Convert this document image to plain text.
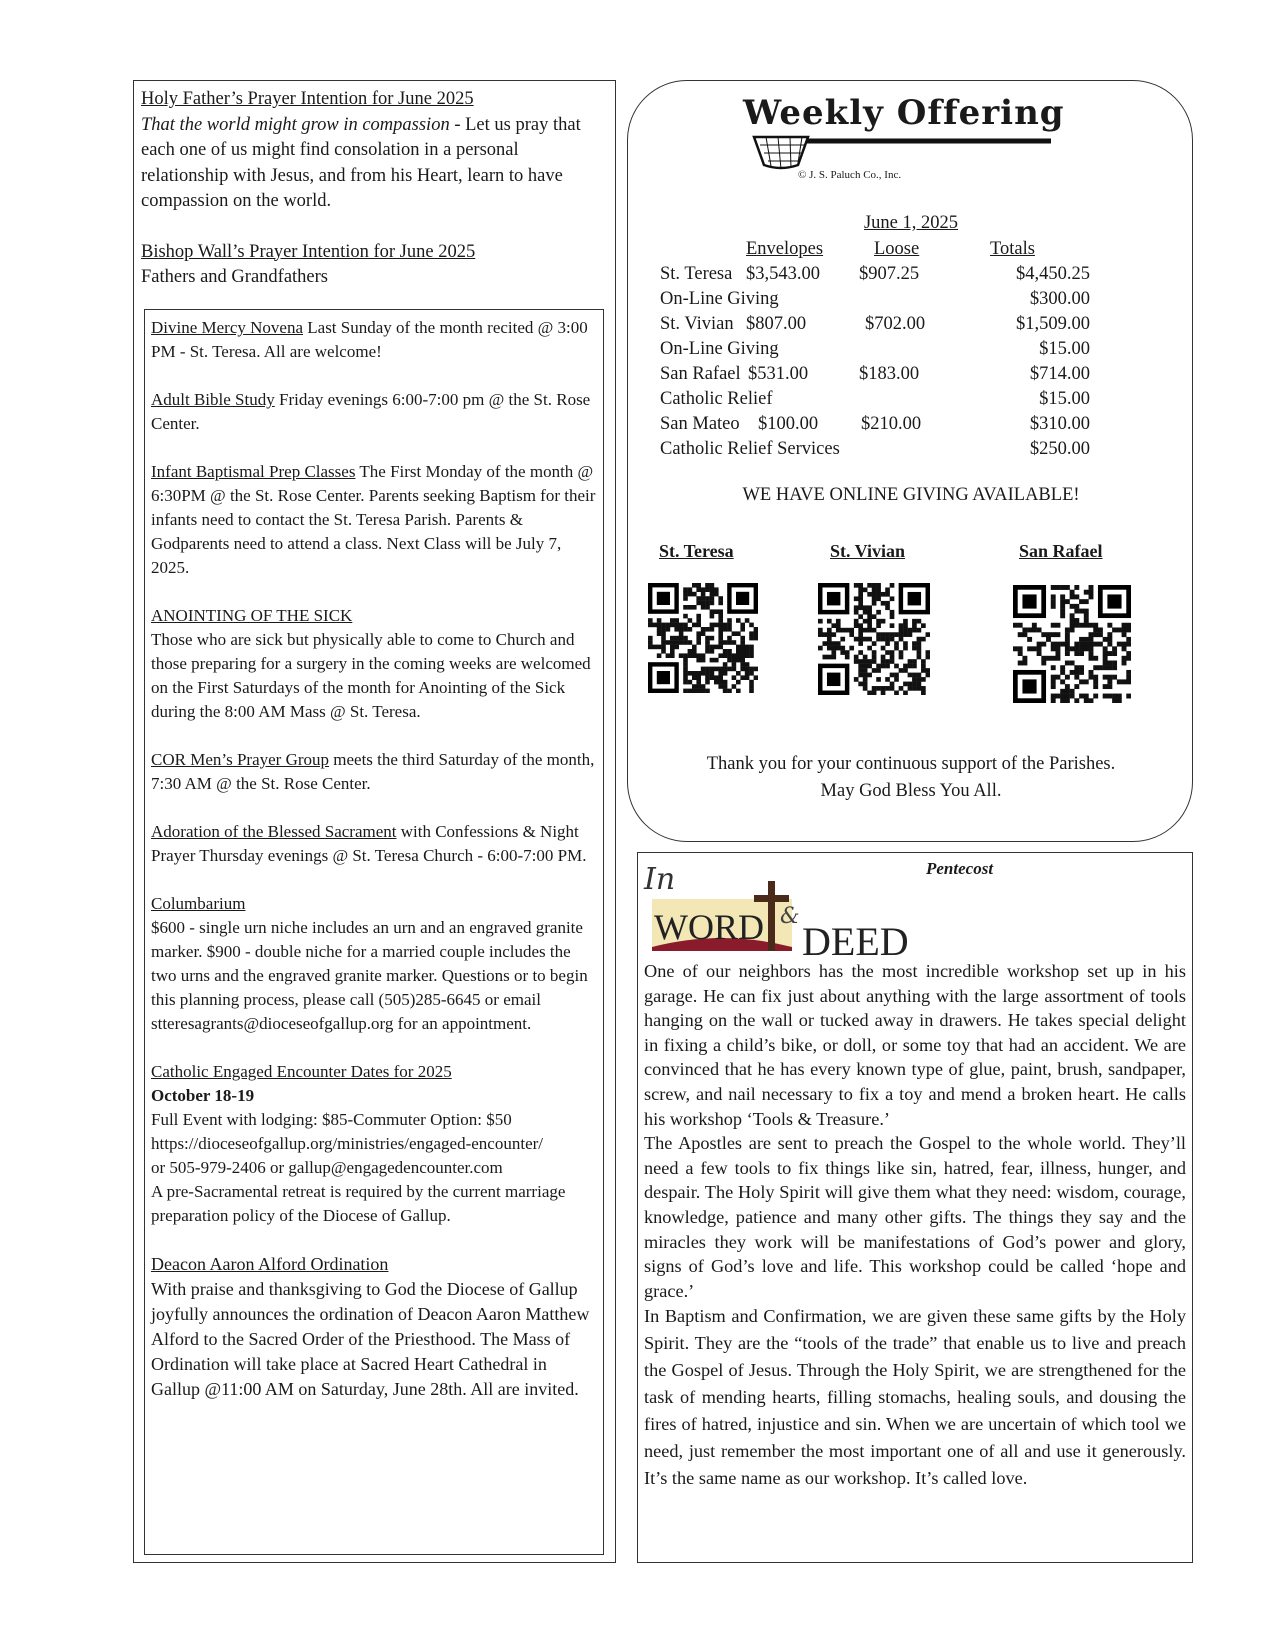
Holy Father’s Prayer Intention for June 2025

That the world might grow in compassion - Let us pray that each one of us might find consolation in a personal relationship with Jesus, and from his Heart, learn to have compassion on the world.

Bishop Wall’s Prayer Intention for June 2025

Fathers and Grandfathers

Divine Mercy Novena Last Sunday of the month recited @ 3:00 PM - St. Teresa. All are welcome!

Adult Bible Study Friday evenings 6:00-7:00 pm @ the St. Rose Center.

Infant Baptismal Prep Classes The First Monday of the month @ 6:30PM @ the St. Rose Center. Parents seeking Baptism for their infants need to contact the St. Teresa Parish. Parents & Godparents need to attend a class. Next Class will be July 7, 2025.

ANOINTING OF THE SICK
Those who are sick but physically able to come to Church and those preparing for a surgery in the coming weeks are welcomed on the First Saturdays of the month for Anointing of the Sick during the 8:00 AM Mass @ St. Teresa.

COR Men’s Prayer Group meets the third Saturday of the month, 7:30 AM @ the St. Rose Center.

Adoration of the Blessed Sacrament with Confessions & Night Prayer Thursday evenings @ St. Teresa Church - 6:00-7:00 PM.

Columbarium
$600 - single urn niche includes an urn and an engraved granite marker. $900 - double niche for a married couple includes the two urns and the engraved granite marker. Questions or to begin this planning process, please call (505)285-6645 or email stteresagrants@dioceseofgallup.org for an appointment.

Catholic Engaged Encounter Dates for 2025
October 18-19
Full Event with lodging: $85-Commuter Option: $50
https://dioceseofgallup.org/ministries/engaged-encounter/
or 505-979-2406 or gallup@engagedencounter.com
A pre-Sacramental retreat is required by the current marriage preparation policy of the Diocese of Gallup.

Deacon Aaron Alford Ordination
With praise and thanksgiving to God the Diocese of Gallup joyfully announces the ordination of Deacon Aaron Matthew Alford to the Sacred Order of the Priesthood. The Mass of Ordination will take place at Sacred Heart Cathedral in Gallup @11:00 AM on Saturday, June 28th. All are invited.

Weekly Offering
© J. S. Paluch Co., Inc.
June 1, 2025
Envelopes	Loose	Totals
St. Teresa $3,543.00 $907.25	$4,450.25
On-Line Giving	$300.00
St. Vivian $807.00	$702.00	$1,509.00
On-Line Giving	$15.00
San Rafael $531.00	$183.00	$714.00
Catholic Relief	$15.00
San Mateo $100.00 $210.00	$310.00
Catholic Relief Services	$250.00
WE HAVE ONLINE GIVING AVAILABLE!
St. Teresa	St. Vivian	San Rafael
Thank you for your continuous support of the Parishes.
May God Bless You All.
Pentecost
In
WORD &
DEED

One of our neighbors has the most incredible workshop set up in his garage. He can fix just about anything with the large assortment of tools hanging on the wall or tucked away in drawers. He takes special delight in fixing a child’s bike, or doll, or some toy that had an accident. We are convinced that he has every known type of glue, paint, brush, sandpaper, screw, and nail necessary to fix a toy and mend a broken heart. He calls his workshop ‘Tools & Treasure.’

The Apostles are sent to preach the Gospel to the whole world. They’ll need a few tools to fix things like sin, hatred, fear, illness, hunger, and despair. The Holy Spirit will give them what they need: wisdom, courage, knowledge, patience and many other gifts. The things they say and the miracles they work will be manifestations of God’s power and glory, signs of God’s love and life. This workshop could be called ‘hope and grace.’

In Baptism and Confirmation, we are given these same gifts by the Holy Spirit. They are the “tools of the trade” that enable us to live and preach the Gospel of Jesus. Through the Holy Spirit, we are strengthened for the task of mending hearts, filling stomachs, healing souls, and dousing the fires of hatred, injustice and sin. When we are uncertain of which tool we need, just remember the most important one of all and use it generously. It’s the same name as our workshop. It’s called love.
